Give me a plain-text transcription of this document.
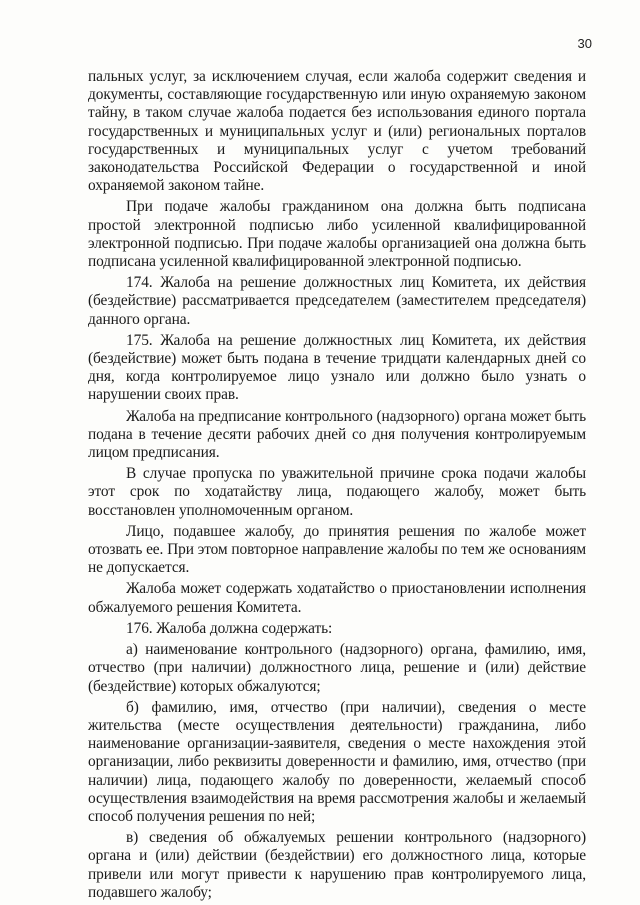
30

пальных услуг, за исключением случая, если жалоба содержит сведения и документы, составляющие государственную или иную охраняемую законом тайну, в таком случае жалоба подается без использования единого портала государственных и муниципальных услуг и (или) региональных порталов государственных и муниципальных услуг с учетом требований законодательства Российской Федерации о государственной и иной охраняемой законом тайне.

При подаче жалобы гражданином она должна быть подписана простой электронной подписью либо усиленной квалифицированной электронной подписью. При подаче жалобы организацией она должна быть подписана усиленной квалифицированной электронной подписью.

174. Жалоба на решение должностных лиц Комитета, их действия (бездействие) рассматривается председателем (заместителем председателя) данного органа.

175. Жалоба на решение должностных лиц Комитета, их действия (бездействие) может быть подана в течение тридцати календарных дней со дня, когда контролируемое лицо узнало или должно было узнать о нарушении своих прав.

Жалоба на предписание контрольного (надзорного) органа может быть подана в течение десяти рабочих дней со дня получения контролируемым лицом предписания.

В случае пропуска по уважительной причине срока подачи жалобы этот срок по ходатайству лица, подающего жалобу, может быть восстановлен уполномоченным органом.

Лицо, подавшее жалобу, до принятия решения по жалобе может отозвать ее. При этом повторное направление жалобы по тем же основаниям не допускается.

Жалоба может содержать ходатайство о приостановлении исполнения обжалуемого решения Комитета.

176. Жалоба должна содержать:

а) наименование контрольного (надзорного) органа, фамилию, имя, отчество (при наличии) должностного лица, решение и (или) действие (бездействие) которых обжалуются;

б) фамилию, имя, отчество (при наличии), сведения о месте жительства (месте осуществления деятельности) гражданина, либо наименование организации-заявителя, сведения о месте нахождения этой организации, либо реквизиты доверенности и фамилию, имя, отчество (при наличии) лица, подающего жалобу по доверенности, желаемый способ осуществления взаимодействия на время рассмотрения жалобы и желаемый способ получения решения по ней;

в) сведения об обжалуемых решении контрольного (надзорного) органа и (или) действии (бездействии) его должностного лица, которые привели или могут привести к нарушению прав контролируемого лица, подавшего жалобу;
